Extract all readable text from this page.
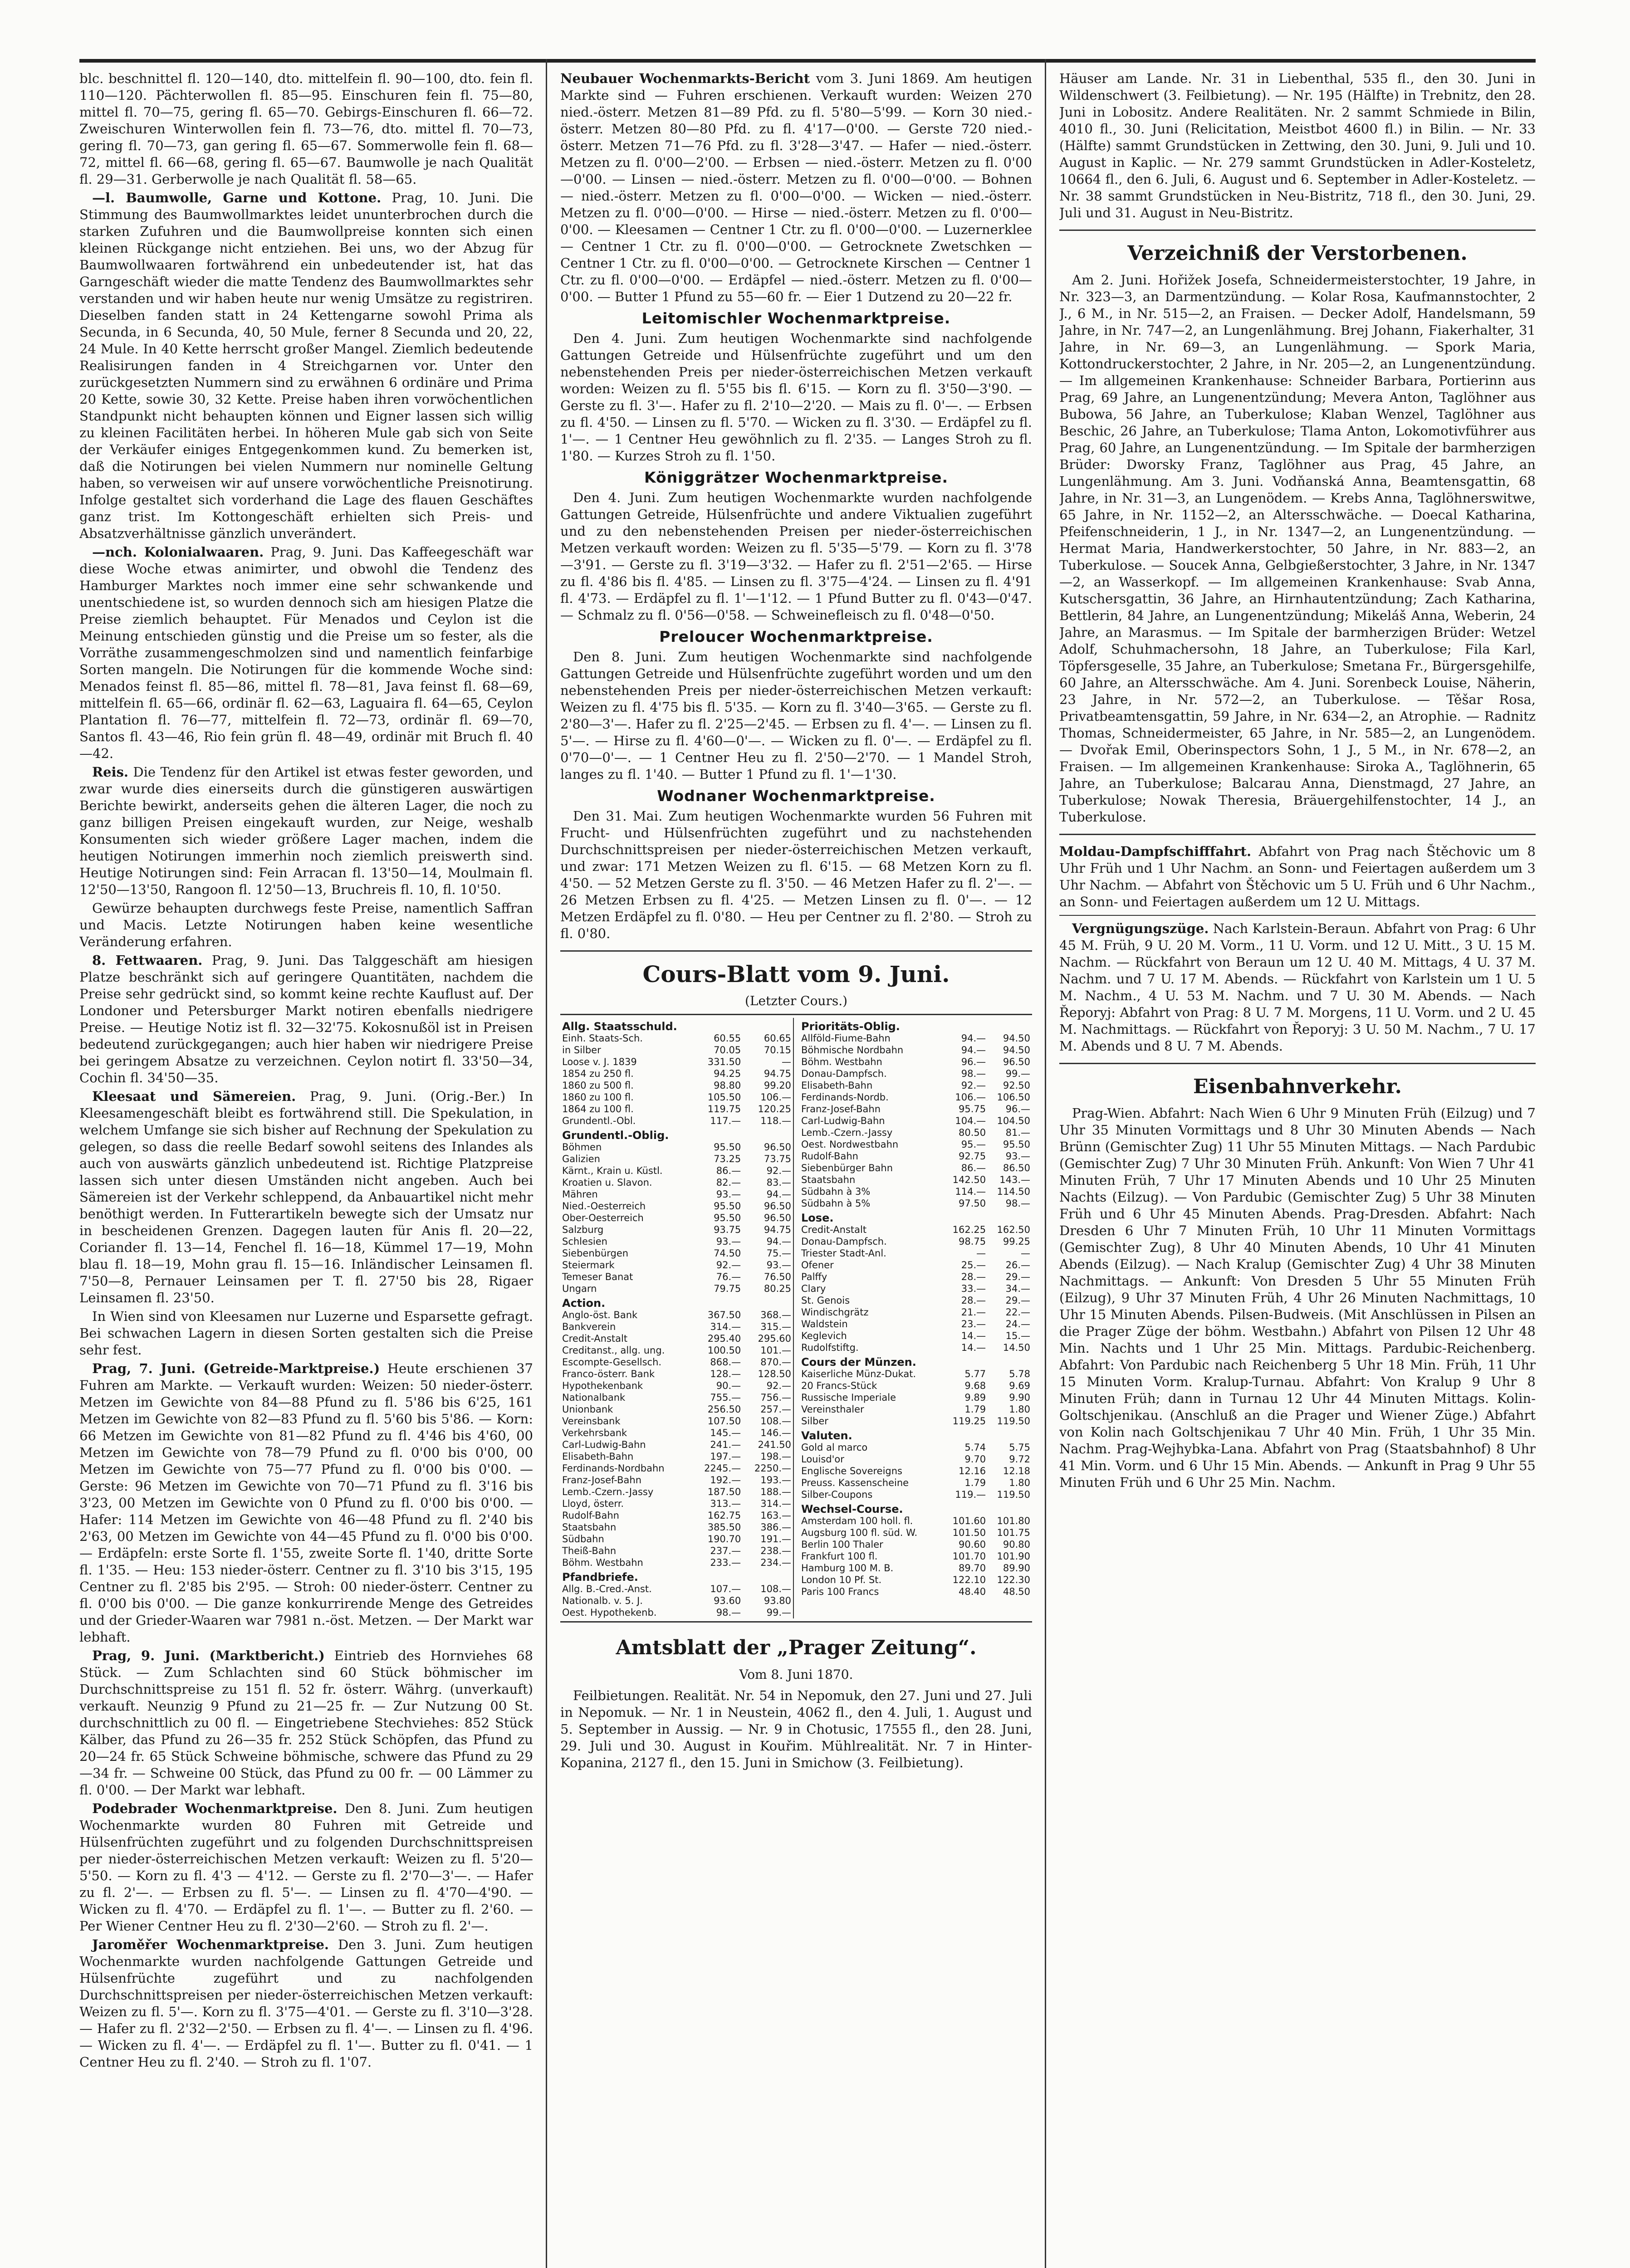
blc. beschnittel fl. 120—140, dto. mittelfein fl. 90—100, dto. fein fl. 110—120. Pächterwollen fl. 85—95. Einschuren fein fl. 75—80, mittel fl. 70—75, gering fl. 65—70. Gebirgs-Einschuren fl. 66—72. Zweischuren Winterwollen fein fl. 73—76, dto. mittel fl. 70—73, gering fl. 70—73, gan gering fl. 65—67. Sommerwolle fein fl. 68—72, mittel fl. 66—68, gering fl. 65—67. Baumwolle je nach Qualität fl. 29—31. Gerberwolle je nach Qualität fl. 58—65.

—l. Baumwolle, Garne und Kottone. Prag, 10. Juni. Die Stimmung des Baumwollmarktes leidet ununterbrochen durch die starken Zufuhren und die Baumwollpreise konnten sich einen kleinen Rückgange nicht entziehen. Bei uns, wo der Abzug für Baumwollwaaren fortwährend ein unbedeutender ist, hat das Garngeschäft wieder die matte Tendenz des Baumwollmarktes sehr verstanden und wir haben heute nur wenig Umsätze zu registriren. Dieselben fanden statt in 24 Kettengarne sowohl Prima als Secunda, in 6 Secunda, 40, 50 Mule, ferner 8 Secunda und 20, 22, 24 Mule. In 40 Kette herrscht großer Mangel. Ziemlich bedeutende Realisirungen fanden in 4 Streichgarnen vor. Unter den zurückgesetzten Nummern sind zu erwähnen 6 ordinäre und Prima 20 Kette, sowie 30, 32 Kette. Preise haben ihren vorwöchentlichen Standpunkt nicht behaupten können und Eigner lassen sich willig zu kleinen Facilitäten herbei. In höheren Mule gab sich von Seite der Verkäufer einiges Entgegenkommen kund. Zu bemerken ist, daß die Notirungen bei vielen Nummern nur nominelle Geltung haben, so verweisen wir auf unsere vorwöchentliche Preisnotirung. Infolge gestaltet sich vorderhand die Lage des flauen Geschäftes ganz trist. Im Kottongeschäft erhielten sich Preis- und Absatzverhältnisse gänzlich unverändert.

—nch. Kolonialwaaren. Prag, 9. Juni. Das Kaffeegeschäft war diese Woche etwas animirter, und obwohl die Tendenz des Hamburger Marktes noch immer eine sehr schwankende und unentschiedene ist, so wurden dennoch sich am hiesigen Platze die Preise ziemlich behauptet. Für Menados und Ceylon ist die Meinung entschieden günstig und die Preise um so fester, als die Vorräthe zusammengeschmolzen sind und namentlich feinfarbige Sorten mangeln. Die Notirungen für die kommende Woche sind: Menados feinst fl. 85—86, mittel fl. 78—81, Java feinst fl. 68—69, mittelfein fl. 65—66, ordinär fl. 62—63, Laguaira fl. 64—65, Ceylon Plantation fl. 76—77, mittelfein fl. 72—73, ordinär fl. 69—70, Santos fl. 43—46, Rio fein grün fl. 48—49, ordinär mit Bruch fl. 40—42.

Reis. Die Tendenz für den Artikel ist etwas fester geworden, und zwar wurde dies einerseits durch die günstigeren auswärtigen Berichte bewirkt, anderseits gehen die älteren Lager, die noch zu ganz billigen Preisen eingekauft wurden, zur Neige, weshalb Konsumenten sich wieder größere Lager machen, indem die heutigen Notirungen immerhin noch ziemlich preiswerth sind. Heutige Notirungen sind: Fein Arracan fl. 13'50—14, Moulmain fl. 12'50—13'50, Rangoon fl. 12'50—13, Bruchreis fl. 10, fl. 10'50.

Gewürze behaupten durchwegs feste Preise, namentlich Saffran und Macis. Letzte Notirungen haben keine wesentliche Veränderung erfahren.

8. Fettwaaren. Prag, 9. Juni. Das Talggeschäft am hiesigen Platze beschränkt sich auf geringere Quantitäten, nachdem die Preise sehr gedrückt sind, so kommt keine rechte Kauflust auf. Der Londoner und Petersburger Markt notiren ebenfalls niedrigere Preise. — Heutige Notiz ist fl. 32—32'75. Kokosnußöl ist in Preisen bedeutend zurückgegangen; auch hier haben wir niedrigere Preise bei geringem Absatze zu verzeichnen. Ceylon notirt fl. 33'50—34, Cochin fl. 34'50—35.

Kleesaat und Sämereien. Prag, 9. Juni. (Orig.-Ber.) In Kleesamengeschäft bleibt es fortwährend still. Die Spekulation, in welchem Umfange sie sich bisher auf Rechnung der Spekulation zu gelegen, so dass die reelle Bedarf sowohl seitens des Inlandes als auch von auswärts gänzlich unbedeutend ist. Richtige Platzpreise lassen sich unter diesen Umständen nicht angeben. Auch bei Sämereien ist der Verkehr schleppend, da Anbauartikel nicht mehr benöthigt werden. In Futterartikeln bewegte sich der Umsatz nur in bescheidenen Grenzen. Dagegen lauten für Anis fl. 20—22, Coriander fl. 13—14, Fenchel fl. 16—18, Kümmel 17—19, Mohn blau fl. 18—19, Mohn grau fl. 15—16. Inländischer Leinsamen fl. 7'50—8, Pernauer Leinsamen per T. fl. 27'50 bis 28, Rigaer Leinsamen fl. 23'50.

In Wien sind von Kleesamen nur Luzerne und Esparsette gefragt. Bei schwachen Lagern in diesen Sorten gestalten sich die Preise sehr fest.

Prag, 7. Juni. (Getreide-Marktpreise.) Heute erschienen 37 Fuhren am Markte. — Verkauft wurden: Weizen: 50 nieder-österr. Metzen im Gewichte von 84—88 Pfund zu fl. 5'86 bis 6'25, 161 Metzen im Gewichte von 82—83 Pfund zu fl. 5'60 bis 5'86. — Korn: 66 Metzen im Gewichte von 81—82 Pfund zu fl. 4'46 bis 4'60, 00 Metzen im Gewichte von 78—79 Pfund zu fl. 0'00 bis 0'00, 00 Metzen im Gewichte von 75—77 Pfund zu fl. 0'00 bis 0'00. — Gerste: 96 Metzen im Gewichte von 70—71 Pfund zu fl. 3'16 bis 3'23, 00 Metzen im Gewichte von 0 Pfund zu fl. 0'00 bis 0'00. — Hafer: 114 Metzen im Gewichte von 46—48 Pfund zu fl. 2'40 bis 2'63, 00 Metzen im Gewichte von 44—45 Pfund zu fl. 0'00 bis 0'00. — Erdäpfeln: erste Sorte fl. 1'55, zweite Sorte fl. 1'40, dritte Sorte fl. 1'35. — Heu: 153 nieder-österr. Centner zu fl. 3'10 bis 3'15, 195 Centner zu fl. 2'85 bis 2'95. — Stroh: 00 nieder-österr. Centner zu fl. 0'00 bis 0'00. — Die ganze konkurrirende Menge des Getreides und der Grieder-Waaren war 7981 n.-öst. Metzen. — Der Markt war lebhaft.

Prag, 9. Juni. (Marktbericht.) Eintrieb des Hornviehes 68 Stück. — Zum Schlachten sind 60 Stück böhmischer im Durchschnittspreise zu 151 fl. 52 fr. österr. Währg. (unverkauft) verkauft. Neunzig 9 Pfund zu 21—25 fr. — Zur Nutzung 00 St. durchschnittlich zu 00 fl. — Eingetriebene Stechviehes: 852 Stück Kälber, das Pfund zu 26—35 fr. 252 Stück Schöpfen, das Pfund zu 20—24 fr. 65 Stück Schweine böhmische, schwere das Pfund zu 29—34 fr. — Schweine 00 Stück, das Pfund zu 00 fr. — 00 Lämmer zu fl. 0'00. — Der Markt war lebhaft.

Podebrader Wochenmarktpreise. Den 8. Juni. Zum heutigen Wochenmarkte wurden 80 Fuhren mit Getreide und Hülsenfrüchten zugeführt und zu folgenden Durchschnittspreisen per nieder-österreichischen Metzen verkauft: Weizen zu fl. 5'20—5'50. — Korn zu fl. 4'3 — 4'12. — Gerste zu fl. 2'70—3'—. — Hafer zu fl. 2'—. — Erbsen zu fl. 5'—. — Linsen zu fl. 4'70—4'90. — Wicken zu fl. 4'70. — Erdäpfel zu fl. 1'—. — Butter zu fl. 2'60. — Per Wiener Centner Heu zu fl. 2'30—2'60. — Stroh zu fl. 2'—.

Jaroměřer Wochenmarktpreise. Den 3. Juni. Zum heutigen Wochenmarkte wurden nachfolgende Gattungen Getreide und Hülsenfrüchte zugeführt und zu nachfolgenden Durchschnittspreisen per nieder-österreichischen Metzen verkauft: Weizen zu fl. 5'—. Korn zu fl. 3'75—4'01. — Gerste zu fl. 3'10—3'28. — Hafer zu fl. 2'32—2'50. — Erbsen zu fl. 4'—. — Linsen zu fl. 4'96. — Wicken zu fl. 4'—. — Erdäpfel zu fl. 1'—. Butter zu fl. 0'41. — 1 Centner Heu zu fl. 2'40. — Stroh zu fl. 1'07.

Neubauer Wochenmarkts-Bericht vom 3. Juni 1869. Am heutigen Markte sind — Fuhren erschienen. Verkauft wurden: Weizen 270 nied.-österr. Metzen 81—89 Pfd. zu fl. 5'80—5'99. — Korn 30 nied.-österr. Metzen 80—80 Pfd. zu fl. 4'17—0'00. — Gerste 720 nied.-österr. Metzen 71—76 Pfd. zu fl. 3'28—3'47. — Hafer — nied.-österr. Metzen zu fl. 0'00—2'00. — Erbsen — nied.-österr. Metzen zu fl. 0'00—0'00. — Linsen — nied.-österr. Metzen zu fl. 0'00—0'00. — Bohnen — nied.-österr. Metzen zu fl. 0'00—0'00. — Wicken — nied.-österr. Metzen zu fl. 0'00—0'00. — Hirse — nied.-österr. Metzen zu fl. 0'00—0'00. — Kleesamen — Centner 1 Ctr. zu fl. 0'00—0'00. — Luzernerklee — Centner 1 Ctr. zu fl. 0'00—0'00. — Getrocknete Zwetschken — Centner 1 Ctr. zu fl. 0'00—0'00. — Getrocknete Kirschen — Centner 1 Ctr. zu fl. 0'00—0'00. — Erdäpfel — nied.-österr. Metzen zu fl. 0'00—0'00. — Butter 1 Pfund zu 55—60 fr. — Eier 1 Dutzend zu 20—22 fr.

Leitomischler Wochenmarktpreise.

Den 4. Juni. Zum heutigen Wochenmarkte sind nachfolgende Gattungen Getreide und Hülsenfrüchte zugeführt und um den nebenstehenden Preis per nieder-österreichischen Metzen verkauft worden: Weizen zu fl. 5'55 bis fl. 6'15. — Korn zu fl. 3'50—3'90. — Gerste zu fl. 3'—. Hafer zu fl. 2'10—2'20. — Mais zu fl. 0'—. — Erbsen zu fl. 4'50. — Linsen zu fl. 5'70. — Wicken zu fl. 3'30. — Erdäpfel zu fl. 1'—. — 1 Centner Heu gewöhnlich zu fl. 2'35. — Langes Stroh zu fl. 1'80. — Kurzes Stroh zu fl. 1'50.

Königgrätzer Wochenmarktpreise.

Den 4. Juni. Zum heutigen Wochenmarkte wurden nachfolgende Gattungen Getreide, Hülsenfrüchte und andere Viktualien zugeführt und zu den nebenstehenden Preisen per nieder-österreichischen Metzen verkauft worden: Weizen zu fl. 5'35—5'79. — Korn zu fl. 3'78—3'91. — Gerste zu fl. 3'19—3'32. — Hafer zu fl. 2'51—2'65. — Hirse zu fl. 4'86 bis fl. 4'85. — Linsen zu fl. 3'75—4'24. — Linsen zu fl. 4'91 fl. 4'73. — Erdäpfel zu fl. 1'—1'12. — 1 Pfund Butter zu fl. 0'43—0'47. — Schmalz zu fl. 0'56—0'58. — Schweinefleisch zu fl. 0'48—0'50.

Preloucer Wochenmarktpreise.

Den 8. Juni. Zum heutigen Wochenmarkte sind nachfolgende Gattungen Getreide und Hülsenfrüchte zugeführt worden und um den nebenstehenden Preis per nieder-österreichischen Metzen verkauft: Weizen zu fl. 4'75 bis fl. 5'35. — Korn zu fl. 3'40—3'65. — Gerste zu fl. 2'80—3'—. Hafer zu fl. 2'25—2'45. — Erbsen zu fl. 4'—. — Linsen zu fl. 5'—. — Hirse zu fl. 4'60—0'—. — Wicken zu fl. 0'—. — Erdäpfel zu fl. 0'70—0'—. — 1 Centner Heu zu fl. 2'50—2'70. — 1 Mandel Stroh, langes zu fl. 1'40. — Butter 1 Pfund zu fl. 1'—1'30.

Wodnaner Wochenmarktpreise.

Den 31. Mai. Zum heutigen Wochenmarkte wurden 56 Fuhren mit Frucht- und Hülsenfrüchten zugeführt und zu nachstehenden Durchschnittspreisen per nieder-österreichischen Metzen verkauft, und zwar: 171 Metzen Weizen zu fl. 6'15. — 68 Metzen Korn zu fl. 4'50. — 52 Metzen Gerste zu fl. 3'50. — 46 Metzen Hafer zu fl. 2'—. — 26 Metzen Erbsen zu fl. 4'25. — Metzen Linsen zu fl. 0'—. — 12 Metzen Erdäpfel zu fl. 0'80. — Heu per Centner zu fl. 2'80. — Stroh zu fl. 0'80.

Cours-Blatt vom 9. Juni.
(Letzter Cours.)
Allg. Staatsschuld.		
Einh. Staats-Sch.	60.55	60.65
in Silber	70.05	70.15
Loose v. J. 1839	331.50	—
1854 zu 250 fl.	94.25	94.75
1860 zu 500 fl.	98.80	99.20
1860 zu 100 fl.	105.50	106.—
1864 zu 100 fl.	119.75	120.25
Grundentl.-Obl.	117.—	118.—
Grundentl.-Oblig.		
Böhmen	95.50	96.50
Galizien	73.25	73.75
Kärnt., Krain u. Küstl.	86.—	92.—
Kroatien u. Slavon.	82.—	83.—
Mähren	93.—	94.—
Nied.-Oesterreich	95.50	96.50
Ober-Oesterreich	95.50	96.50
Salzburg	93.75	94.75
Schlesien	93.—	94.—
Siebenbürgen	74.50	75.—
Steiermark	92.—	93.—
Temeser Banat	76.—	76.50
Ungarn	79.75	80.25
Action.		
Anglo-öst. Bank	367.50	368.—
Bankverein	314.—	315.—
Credit-Anstalt	295.40	295.60
Creditanst., allg. ung.	100.50	101.—
Escompte-Gesellsch.	868.—	870.—
Franco-österr. Bank	128.—	128.50
Hypothekenbank	90.—	92.—
Nationalbank	755.—	756.—
Unionbank	256.50	257.—
Vereinsbank	107.50	108.—
Verkehrsbank	145.—	146.—
Carl-Ludwig-Bahn	241.—	241.50
Elisabeth-Bahn	197.—	198.—
Ferdinands-Nordbahn	2245.—	2250.—
Franz-Josef-Bahn	192.—	193.—
Lemb.-Czern.-Jassy	187.50	188.—
Lloyd, österr.	313.—	314.—
Rudolf-Bahn	162.75	163.—
Staatsbahn	385.50	386.—
Südbahn	190.70	191.—
Theiß-Bahn	237.—	238.—
Böhm. Westbahn	233.—	234.—
Pfandbriefe.		
Allg. B.-Cred.-Anst.	107.—	108.—
Nationalb. v. 5. J.	93.60	93.80
Oest. Hypothekenb.	98.—	99.—
Prioritäts-Oblig.		
Allföld-Fiume-Bahn	94.—	94.50
Böhmische Nordbahn	94.—	94.50
Böhm. Westbahn	96.—	96.50
Donau-Dampfsch.	98.—	99.—
Elisabeth-Bahn	92.—	92.50
Ferdinands-Nordb.	106.—	106.50
Franz-Josef-Bahn	95.75	96.—
Carl-Ludwig-Bahn	104.—	104.50
Lemb.-Czern.-Jassy	80.50	81.—
Oest. Nordwestbahn	95.—	95.50
Rudolf-Bahn	92.75	93.—
Siebenbürger Bahn	86.—	86.50
Staatsbahn	142.50	143.—
Südbahn à 3%	114.—	114.50
Südbahn à 5%	97.50	98.—
Lose.		
Credit-Anstalt	162.25	162.50
Donau-Dampfsch.	98.75	99.25
Triester Stadt-Anl.	—	—
Ofener	25.—	26.—
Palffy	28.—	29.—
Clary	33.—	34.—
St. Genois	28.—	29.—
Windischgrätz	21.—	22.—
Waldstein	23.—	24.—
Keglevich	14.—	15.—
Rudolfstiftg.	14.—	14.50
Cours der Münzen.		
Kaiserliche Münz-Dukat.	5.77	5.78
20 Francs-Stück	9.68	9.69
Russische Imperiale	9.89	9.90
Vereinsthaler	1.79	1.80
Silber	119.25	119.50
Valuten.		
Gold al marco	5.74	5.75
Louisd'or	9.70	9.72
Englische Sovereigns	12.16	12.18
Preuss. Kassenscheine	1.79	1.80
Silber-Coupons	119.—	119.50
Wechsel-Course.		
Amsterdam 100 holl. fl.	101.60	101.80
Augsburg 100 fl. süd. W.	101.50	101.75
Berlin 100 Thaler	90.60	90.80
Frankfurt 100 fl.	101.70	101.90
Hamburg 100 M. B.	89.70	89.90
London 10 Pf. St.	122.10	122.30
Paris 100 Francs	48.40	48.50
Amtsblatt der „Prager Zeitung“.
Vom 8. Juni 1870.

Feilbietungen. Realität. Nr. 54 in Nepomuk, den 27. Juni und 27. Juli in Nepomuk. — Nr. 1 in Neustein, 4062 fl., den 4. Juli, 1. August und 5. September in Aussig. — Nr. 9 in Chotusic, 17555 fl., den 28. Juni, 29. Juli und 30. August in Kouřim. Mühlrealität. Nr. 7 in Hinter-Kopanina, 2127 fl., den 15. Juni in Smichow (3. Feilbietung).

Häuser am Lande. Nr. 31 in Liebenthal, 535 fl., den 30. Juni in Wildenschwert (3. Feilbietung). — Nr. 195 (Hälfte) in Trebnitz, den 28. Juni in Lobositz. Andere Realitäten. Nr. 2 sammt Schmiede in Bilin, 4010 fl., 30. Juni (Relicitation, Meistbot 4600 fl.) in Bilin. — Nr. 33 (Hälfte) sammt Grundstücken in Zettwing, den 30. Juni, 9. Juli und 10. August in Kaplic. — Nr. 279 sammt Grundstücken in Adler-Kosteletz, 10664 fl., den 6. Juli, 6. August und 6. September in Adler-Kosteletz. — Nr. 38 sammt Grundstücken in Neu-Bistritz, 718 fl., den 30. Juni, 29. Juli und 31. August in Neu-Bistritz.

Verzeichniß der Verstorbenen.

Am 2. Juni. Hořižek Josefa, Schneidermeisterstochter, 19 Jahre, in Nr. 323—3, an Darmentzündung. — Kolar Rosa, Kaufmannstochter, 2 J., 6 M., in Nr. 515—2, an Fraisen. — Decker Adolf, Handelsmann, 59 Jahre, in Nr. 747—2, an Lungenlähmung. Brej Johann, Fiakerhalter, 31 Jahre, in Nr. 69—3, an Lungenlähmung. — Spork Maria, Kottondruckerstochter, 2 Jahre, in Nr. 205—2, an Lungenentzündung. — Im allgemeinen Krankenhause: Schneider Barbara, Portierinn aus Prag, 69 Jahre, an Lungenentzündung; Mevera Anton, Taglöhner aus Bubowa, 56 Jahre, an Tuberkulose; Klaban Wenzel, Taglöhner aus Beschic, 26 Jahre, an Tuberkulose; Tlama Anton, Lokomotivführer aus Prag, 60 Jahre, an Lungenentzündung. — Im Spitale der barmherzigen Brüder: Dworsky Franz, Taglöhner aus Prag, 45 Jahre, an Lungenlähmung. Am 3. Juni. Vodňanská Anna, Beamtensgattin, 68 Jahre, in Nr. 31—3, an Lungenödem. — Krebs Anna, Taglöhnerswitwe, 65 Jahre, in Nr. 1152—2, an Altersschwäche. — Doecal Katharina, Pfeifenschneiderin, 1 J., in Nr. 1347—2, an Lungenentzündung. — Hermat Maria, Handwerkerstochter, 50 Jahre, in Nr. 883—2, an Tuberkulose. — Soucek Anna, Gelbgießerstochter, 3 Jahre, in Nr. 1347—2, an Wasserkopf. — Im allgemeinen Krankenhause: Svab Anna, Kutschersgattin, 36 Jahre, an Hirnhautentzündung; Zach Katharina, Bettlerin, 84 Jahre, an Lungenentzündung; Mikeláš Anna, Weberin, 24 Jahre, an Marasmus. — Im Spitale der barmherzigen Brüder: Wetzel Adolf, Schuhmachersohn, 18 Jahre, an Tuberkulose; Fila Karl, Töpfersgeselle, 35 Jahre, an Tuberkulose; Smetana Fr., Bürgersgehilfe, 60 Jahre, an Altersschwäche. Am 4. Juni. Sorenbeck Louise, Näherin, 23 Jahre, in Nr. 572—2, an Tuberkulose. — Těšar Rosa, Privatbeamtensgattin, 59 Jahre, in Nr. 634—2, an Atrophie. — Radnitz Thomas, Schneidermeister, 65 Jahre, in Nr. 585—2, an Lungenödem. — Dvořak Emil, Oberinspectors Sohn, 1 J., 5 M., in Nr. 678—2, an Fraisen. — Im allgemeinen Krankenhause: Siroka A., Taglöhnerin, 65 Jahre, an Tuberkulose; Balcarau Anna, Dienstmagd, 27 Jahre, an Tuberkulose; Nowak Theresia, Bräuergehilfenstochter, 14 J., an Tuberkulose.

Moldau-Dampfschifffahrt. Abfahrt von Prag nach Štěchovic um 8 Uhr Früh und 1 Uhr Nachm. an Sonn- und Feiertagen außerdem um 3 Uhr Nachm. — Abfahrt von Štěchovic um 5 U. Früh und 6 Uhr Nachm., an Sonn- und Feiertagen außerdem um 12 U. Mittags.

Vergnügungszüge. Nach Karlstein-Beraun. Abfahrt von Prag: 6 Uhr 45 M. Früh, 9 U. 20 M. Vorm., 11 U. Vorm. und 12 U. Mitt., 3 U. 15 M. Nachm. — Rückfahrt von Beraun um 12 U. 40 M. Mittags, 4 U. 37 M. Nachm. und 7 U. 17 M. Abends. — Rückfahrt von Karlstein um 1 U. 5 M. Nachm., 4 U. 53 M. Nachm. und 7 U. 30 M. Abends. — Nach Řeporyj: Abfahrt von Prag: 8 U. 7 M. Morgens, 11 U. Vorm. und 2 U. 45 M. Nachmittags. — Rückfahrt von Řeporyj: 3 U. 50 M. Nachm., 7 U. 17 M. Abends und 8 U. 7 M. Abends.

Eisenbahnverkehr.

Prag-Wien. Abfahrt: Nach Wien 6 Uhr 9 Minuten Früh (Eilzug) und 7 Uhr 35 Minuten Vormittags und 8 Uhr 30 Minuten Abends — Nach Brünn (Gemischter Zug) 11 Uhr 55 Minuten Mittags. — Nach Pardubic (Gemischter Zug) 7 Uhr 30 Minuten Früh. Ankunft: Von Wien 7 Uhr 41 Minuten Früh, 7 Uhr 17 Minuten Abends und 10 Uhr 25 Minuten Nachts (Eilzug). — Von Pardubic (Gemischter Zug) 5 Uhr 38 Minuten Früh und 6 Uhr 45 Minuten Abends. Prag-Dresden. Abfahrt: Nach Dresden 6 Uhr 7 Minuten Früh, 10 Uhr 11 Minuten Vormittags (Gemischter Zug), 8 Uhr 40 Minuten Abends, 10 Uhr 41 Minuten Abends (Eilzug). — Nach Kralup (Gemischter Zug) 4 Uhr 38 Minuten Nachmittags. — Ankunft: Von Dresden 5 Uhr 55 Minuten Früh (Eilzug), 9 Uhr 37 Minuten Früh, 4 Uhr 26 Minuten Nachmittags, 10 Uhr 15 Minuten Abends. Pilsen-Budweis. (Mit Anschlüssen in Pilsen an die Prager Züge der böhm. Westbahn.) Abfahrt von Pilsen 12 Uhr 48 Min. Nachts und 1 Uhr 25 Min. Mittags. Pardubic-Reichenberg. Abfahrt: Von Pardubic nach Reichenberg 5 Uhr 18 Min. Früh, 11 Uhr 15 Minuten Vorm. Kralup-Turnau. Abfahrt: Von Kralup 9 Uhr 8 Minuten Früh; dann in Turnau 12 Uhr 44 Minuten Mittags. Kolin-Goltschjenikau. (Anschluß an die Prager und Wiener Züge.) Abfahrt von Kolin nach Goltschjenikau 7 Uhr 40 Min. Früh, 1 Uhr 35 Min. Nachm. Prag-Wejhybka-Lana. Abfahrt von Prag (Staatsbahnhof) 8 Uhr 41 Min. Vorm. und 6 Uhr 15 Min. Abends. — Ankunft in Prag 9 Uhr 55 Minuten Früh und 6 Uhr 25 Min. Nachm.
